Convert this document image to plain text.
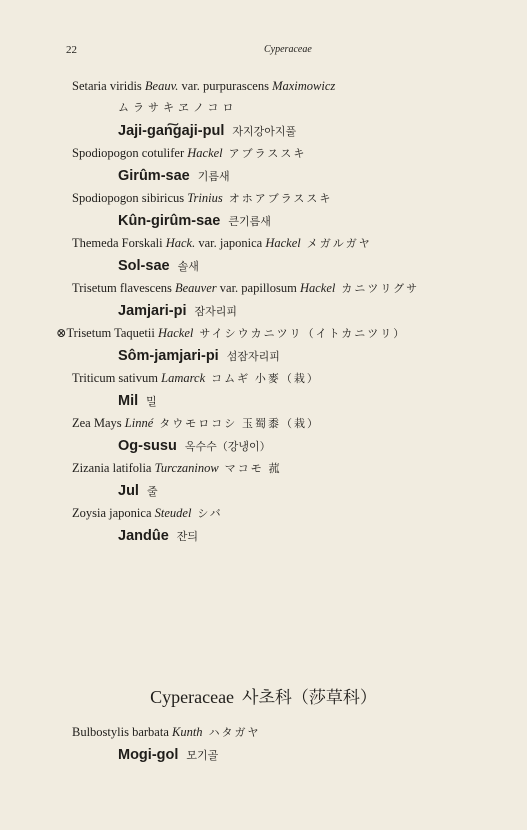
22	Cyperaceae
Setaria viridis Beauv. var. purpurascens Maximowicz
ムラサキヱノコロ
Jaji-gan͠gaji-pul 자지강아지풀
Spodiopogon cotulifer Hackel アブラススキ
Girûm-sae 기름새
Spodiopogon sibiricus Trinius オホアブラススキ
Kûn-girûm-sae 큰기름새
Themeda Forskali Hack. var. japonica Hackel メガルガヤ
Sol-sae 솔새
Trisetum flavescens Beauver var. papillosum Hackel カニツリグサ
Jamjari-pi 잠자리피
⊗Trisetum Taquetii Hackel サイシウカニツリ（イトカニツリ）
Sôm-jamjari-pi 섬잠자리피
Triticum sativum Lamarck コムギ 小麥（栽）
Mil 밀
Zea Mays Linné タウモロコシ 玉蜀黍（栽）
Og-susu 옥수수（강냉이）
Zizania latifolia Turczaninow マコモ 菰
Jul 줄
Zoysia japonica Steudel シバ
Jandûe 잔듸
Cyperaceae 사초科（莎草科）
Bulbostylis barbata Kunth ハタガヤ
Mogi-gol 모기골
